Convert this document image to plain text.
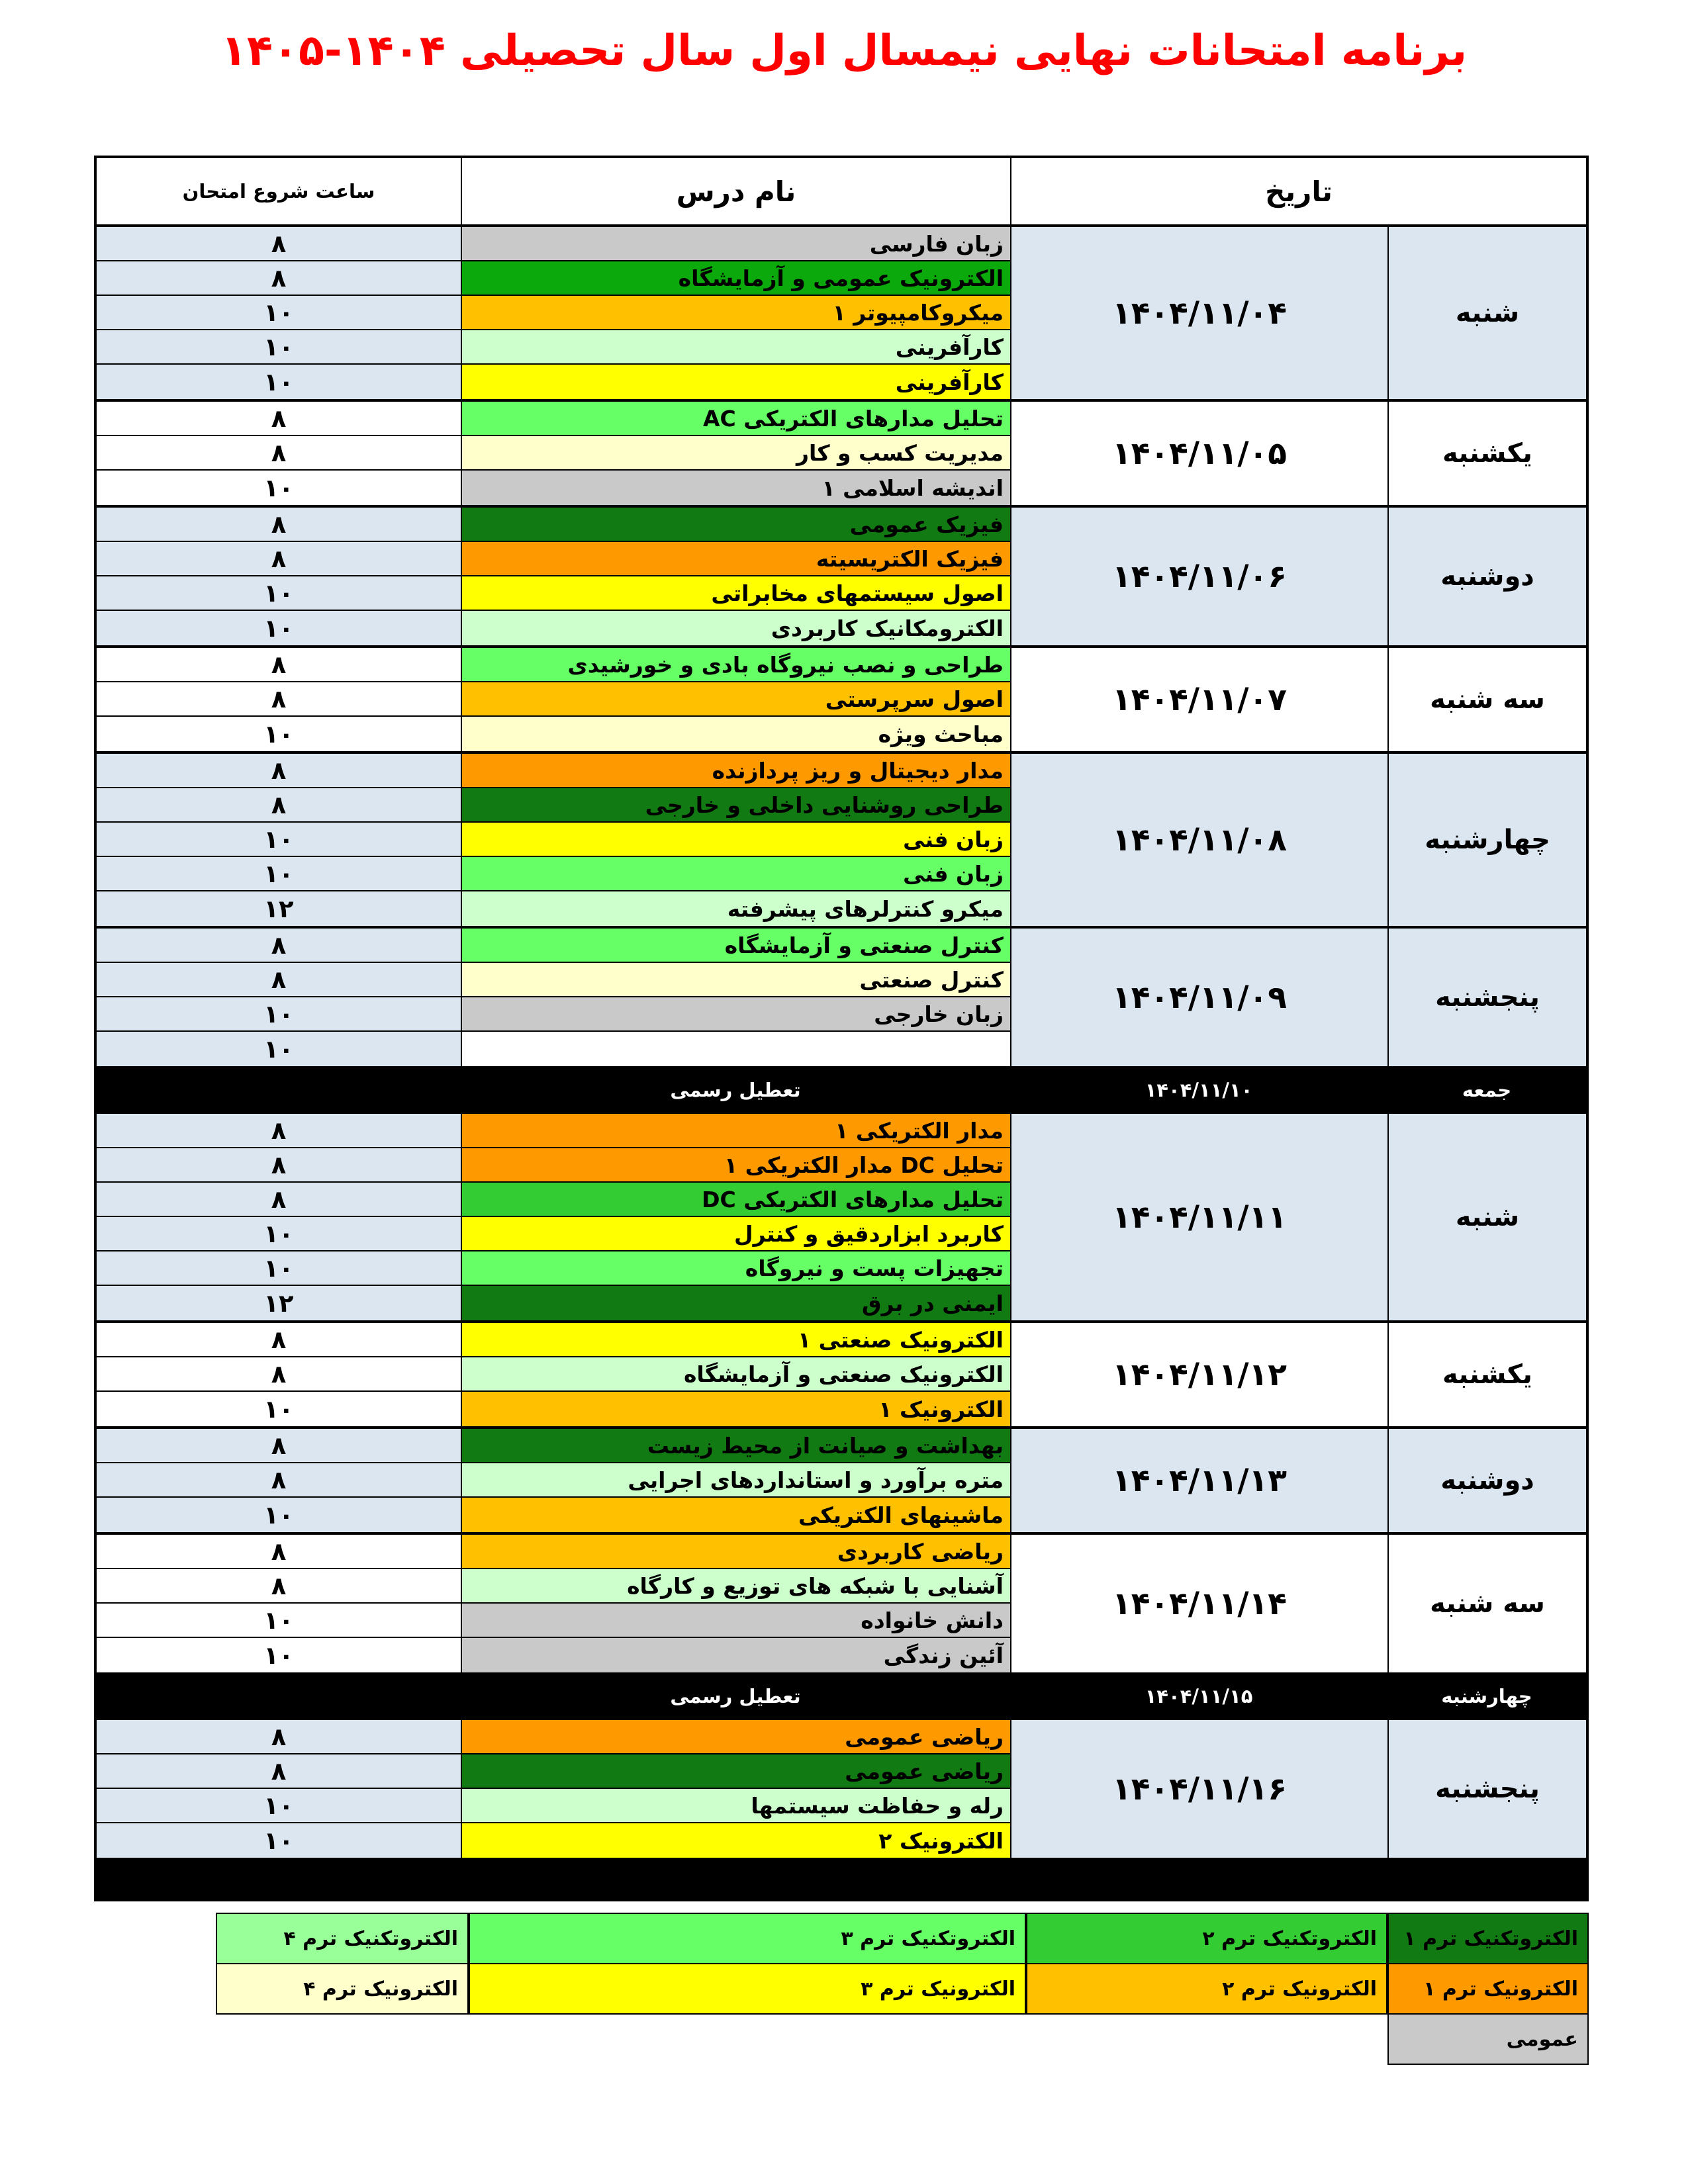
برنامه امتحانات نهایی نیمسال اول سال تحصیلی ۱۴۰۴-۱۴۰۵
تاریخ
نام درس
ساعت شروع امتحان
شنبه
۱۴۰۴/۱۱/۰۴
زبان فارسی
۸
الکترونیک عمومی و آزمایشگاه
۸
میکروکامپیوتر ۱
۱۰
کارآفرینی
۱۰
کارآفرینی
۱۰
یکشنبه
۱۴۰۴/۱۱/۰۵
تحلیل مدارهای الکتریکی AC
۸
مدیریت کسب و کار
۸
اندیشه اسلامی ۱
۱۰
دوشنبه
۱۴۰۴/۱۱/۰۶
فیزیک عمومی
۸
فیزیک الکتریسیته
۸
اصول سیستمهای مخابراتی
۱۰
الکترومکانیک کاربردی
۱۰
سه شنبه
۱۴۰۴/۱۱/۰۷
طراحی و نصب نیروگاه بادی و خورشیدی
۸
اصول سرپرستی
۸
مباحث ویژه
۱۰
چهارشنبه
۱۴۰۴/۱۱/۰۸
مدار دیجیتال و ریز پردازنده
۸
طراحی روشنایی داخلی و خارجی
۸
زبان فنی
۱۰
زبان فنی
۱۰
میکرو کنترلرهای پیشرفته
۱۲
پنجشنبه
۱۴۰۴/۱۱/۰۹
کنترل صنعتی و آزمایشگاه
۸
کنترل صنعتی
۸
زبان خارجی
۱۰
۱۰
جمعه
۱۴۰۴/۱۱/۱۰
تعطیل رسمی
شنبه
۱۴۰۴/۱۱/۱۱
مدار الکتریکی ۱
۸
تحلیل DC مدار الکتریکی ۱
۸
تحلیل مدارهای الکتریکی DC
۸
کاربرد ابزاردقیق و کنترل
۱۰
تجهیزات پست و نیروگاه
۱۰
ایمنی در برق
۱۲
یکشنبه
۱۴۰۴/۱۱/۱۲
الکترونیک صنعتی ۱
۸
الکترونیک صنعتی و آزمایشگاه
۸
الکترونیک ۱
۱۰
دوشنبه
۱۴۰۴/۱۱/۱۳
بهداشت و صیانت از محیط زیست
۸
متره برآورد و استانداردهای اجرایی
۸
ماشینهای الکتریکی
۱۰
سه شنبه
۱۴۰۴/۱۱/۱۴
ریاضی کاربردی
۸
آشنایی با شبکه های توزیع و کارگاه
۸
دانش خانواده
۱۰
آئین زندگی
۱۰
چهارشنبه
۱۴۰۴/۱۱/۱۵
تعطیل رسمی
پنجشنبه
۱۴۰۴/۱۱/۱۶
ریاضی عمومی
۸
ریاضی عمومی
۸
رله و حفاظت سیستمها
۱۰
الکترونیک ۲
۱۰
الکتروتکنیک ترم ۱
الکتروتکنیک ترم ۲
الکتروتکنیک ترم ۳
الکتروتکنیک ترم ۴
الکترونیک ترم ۱
الکترونیک ترم ۲
الکترونیک ترم ۳
الکترونیک ترم ۴
عمومی
